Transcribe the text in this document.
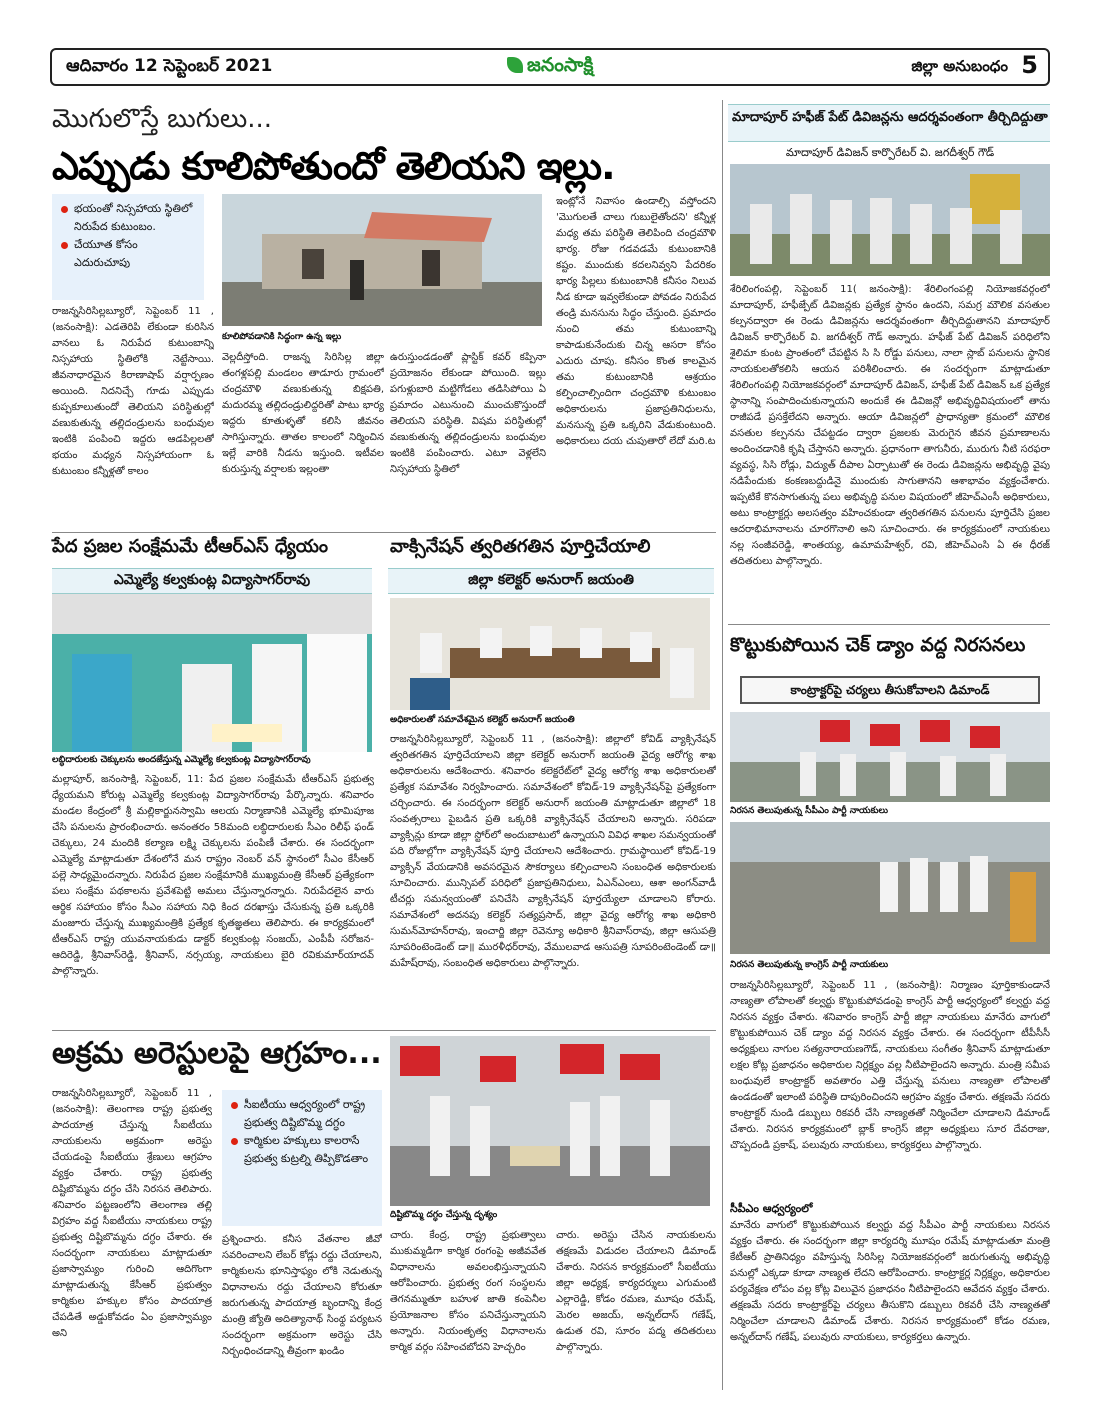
ఆదివారం 12 సెప్టెంబర్ 2021	జనంసాక్షి	జిల్లా అనుబంధం 5
మొగులొస్తే బుగులు...
ఎప్పుడు కూలిపోతుందో తెలియని ఇల్లు.
భయంతో నిస్సహాయ స్థితిలో నిరుపేద కుటుంబం.
చేయూత కోసం ఎదురుచూపు
కూలిపోవడానికి సిద్ధంగా ఉన్న ఇల్లు
రాజన్నసిరిసిల్లబ్యూరో, సెప్టెంబర్ 11 , (జనంసాక్షి): ఎడతెరిపి లేకుండా కురిసిన వానలు ఓ నిరుపేద కుటుంబాన్ని నిస్సహాయ స్థితిలోకి నెట్టేసాయి. జీవనాధారమైన కిరాణాషాప్ వర్షార్పణం అయింది. నిదనిచ్చే గూడు ఎప్పుడు కుప్పకూలుతుందో తెలియని పరిస్థితుల్లో వణుకుతున్న తల్లిదండ్రులను బంధువుల ఇంటికి పంపించి ఇద్దరు ఆడపిల్లలతో భయం మధ్యన నిస్సహాయంగా ఓ కుటుంబం కన్నీళ్లతో కాలం
వెల్లదీస్తోంది. రాజన్న సిరిసిల్ల జిల్లా తంగళ్లపల్లి మండలం తాడూరు గ్రామంలో చంద్రమౌళి వణుకుతున్న బిక్షపతి, మదురమ్మ తల్లిదండ్రులిద్దరితో పాటు భార్య ఇద్దరు కూతుళ్ళతో కలిసి జీవనం సాగిస్తున్నారు. తాతల కాలంలో నిర్మించిన ఇల్లే వారికి నీడను ఇస్తుంది. ఇటీవల కురుస్తున్న వర్షాలకు ఇల్లంతా
ఉరుస్తుండడంతో ప్లాస్టిక్ కవర్ కప్పినా ప్రయోజనం లేకుండా పోయింది. ఇల్లు పగుళ్లుబారి మట్టిగోడలు తడిసిపోయి ఏ ప్రమాదం ఎటునుంచి ముంచుకొస్తుందో తెలియని పరిస్థితి. విషమ పరిస్థితుల్లో వణుకుతున్న తల్లిదండ్రులను బంధువుల ఇంటికి పంపించారు. ఎటూ వెళ్లలేని నిస్సహాయ స్థితిలో
ఇంట్లోనే నివాసం ఉండాల్సి వస్తోందని 'మొగులతే చాలు గుబులైతోందని' కన్నీళ్ల మధ్య తమ పరిస్థితి తెలిపింది చంద్రమౌళి భార్య. రోజు గడవడమే కుటుంబానికి కష్టం. ముందుకు కదలనివ్వని పేదరికం భార్య పిల్లలు కుటుంబానికి కనీసం నిలువ నీడ కూడా ఇవ్వలేకుండా పోవడం నిరుపేద తండ్రి మనసును సిద్ధం చేస్తుంది. ప్రమాదం నుంచి తమ కుటుంబాన్ని కాపాడుకునేందుకు చిన్న ఆసరా కోసం ఎదురు చూపు. కనీసం కొంత కాలమైన తమ కుటుంబానికి ఆశ్రయం కల్పించాల్సిందిగా చంద్రమౌళి కుటుంబం అధికారులను ప్రజాప్రతినిధులను, మనసున్న ప్రతి ఒక్కరిని వేడుకుంటుంది. అధికారులు దయ చుపుతారో లేదో మరి.ట
మాదాపూర్ హఫీజ్ పేట్ డివిజన్లను ఆదర్శవంతంగా తీర్చిదిద్దుతా
మాదాపూర్ డివిజన్ కార్పొరేటర్ వి. జగదీశ్వర్ గౌడ్
శేరిలింగంపల్లి, సెప్టెంబర్ 11( జనంసాక్షి): శేరిలింగంపల్లి నియోజకవర్గంలో మాదాపూర్, హఫీజ్పేట్ డివిజన్లకు ప్రత్యేక స్థానం ఉందని, సమగ్ర మౌలిక వసతుల కల్పనద్వారా ఈ రెండు డివిజన్లను ఆదర్శవంతంగా తీర్చిదిద్దుతానని మాదాపూర్ డివిజన్ కార్పొరేటర్ వి. జగదీశ్వర్ గౌడ్ అన్నారు. హఫీజ్ పేట్ డివిజన్ పరిధిలోని శైలిమా కుంట ప్రాంతంలో చేపట్టిన సి సి రోడ్డు పనులు, నాలా స్లాబ్ పనులను స్థానిక నాయకులతోకలిసి ఆయన పరిశీలించారు. ఈ సందర్భంగా మాట్లాడుతూ శేరిలింగంపల్లి నియోజకవర్గంలో మాదాపూర్ డివిజన్, హఫీజ్ పేట్ డివిజన్ ఒక ప్రత్యేక స్థానాన్ని సంపాదించుకున్నాయని అందుకే ఈ డివిజన్లో అభివృద్ధివిషయంలో తాను రాజీపడే ప్రసక్తేలేదని అన్నారు. ఆయా డివిజన్లలో ప్రాధాన్యతా క్రమంలో మౌలిక వసతుల కల్పనను చేపట్టడం ద్వారా ప్రజలకు మెరుగైన జీవన ప్రమాణాలను అందించడానికి కృషి చేస్తానని అన్నారు. ప్రధానంగా తాగునీరు, మురుగు నీటి సరఫరా వ్యవస్థ, సిసి రోడ్లు, విద్యుత్ దీపాల ఏర్పాటుతో ఈ రెండు డివిజన్లను అభివృద్ధి వైపు నడిపేందుకు కంకణబద్దుడినై ముందుకు సాగుతానని ఆశాభావం వ్యక్తంచేశారు. ఇప్పటికే కొనసాగుతున్న పలు అభివృద్ధి పనుల విషయంలో జీహెచ్ఎంసీ అధికారులు, అటు కాంట్రాక్టర్లు అలసత్వం వహించకుండా త్వరితగతిన పనులను పూర్తిచేసి ప్రజల ఆదరాభిమానాలను చూరగొనాలి అని సూచించారు. ఈ కార్యక్రమంలో నాయకులు నల్ల సంజీవరెడ్డి, శాంతయ్య, ఉమామహేశ్వర్, రవి, జీహెచ్ఎంసి ఏ ఈ ధీరజ్ తదితరులు పాల్గొన్నారు.
పేద ప్రజల సంక్షేమమే టీఆర్ఎస్ ధ్యేయం
ఎమ్మెల్యే కల్వకుంట్ల విద్యాసాగర్‌రావు
లబ్ధిదారులకు చెక్కులను అందజేస్తున్న ఎమ్మెల్యే కల్వకుంట్ల విద్యాసాగర్‌రావు
మల్లాపూర్, జనంసాక్షి, సెప్టెంబర్, 11: పేద ప్రజల సంక్షేమమే టీఆర్ఎస్ ప్రభుత్వ ధ్యేయమని కోరుట్ల ఎమ్మెల్యే కల్వకుంట్ల విద్యాసాగర్‌రావు పేర్కొన్నారు. శనివారం మండల కేంద్రంలో శ్రీ మల్లికార్జునస్వామి ఆలయ నిర్మాణానికి ఎమ్మెల్యే భూమిపూజ చేసి పనులను ప్రారంభించారు. అనంతరం 58మంది లబ్ధిదారులకు సీఎం రిలీఫ్ ఫండ్ చెక్కులు, 24 మందికి కల్యాణ లక్ష్మి చెక్కులను పంపిణీ చేశారు. ఈ సందర్భంగా ఎమ్మెల్యే మాట్లాడుతూ దేశంలోనే మన రాష్ట్రం నెంబర్ వన్ స్థానంలో సీఎం కేసీఆర్ పల్లె సాధ్యమైందన్నారు. నిరుపేద ప్రజల సంక్షేమానికి ముఖ్యమంత్రి కేసీఆర్ ప్రత్యేకంగా పలు సంక్షేమ పథకాలను ప్రవేశపెట్టి అమలు చేస్తున్నారన్నారు. నిరుపేదలైన వారు ఆర్థిక సహాయం కోసం సీఎం సహాయ నిధి కింద దరఖాస్తు చేసుకున్న ప్రతి ఒక్కరికి మంజూరు చేస్తున్న ముఖ్యమంత్రికి ప్రత్యేక కృతజ్ఞతలు తెలిపారు. ఈ కార్యక్రమంలో టీఆర్ఎస్ రాష్ట్ర యువనాయకుడు డాక్టర్ కల్వకుంట్ల సంజయ్, ఎంపీపీ సరోజన-ఆదిరెడ్డి, శ్రీనివాస్‌రెడ్డి, శ్రీనివాస్, నర్సయ్య, నాయకులు బైరి రవికుమార్‌యాదవ్ పాల్గొన్నారు.
వాక్సినేషన్ త్వరితగతిన పూర్తిచేయాలి
జిల్లా కలెక్టర్ అనురాగ్ జయంతి
అధికారులతో సమావేశమైన కలెక్టర్ అనురాగ్ జయంతి
రాజన్నసిరిసిల్లబ్యూరో, సెప్టెంబర్ 11 , (జనంసాక్షి): జిల్లాలో కోవిడ్ వ్యాక్సినేషన్ త్వరితగతిన పూర్తిచేయాలని జిల్లా కలెక్టర్ అనురాగ్ జయంతి వైద్య ఆరోగ్య శాఖ అధికారులను ఆదేశించారు. శనివారం కలెక్టరేట్‌లో వైద్య ఆరోగ్య శాఖ అధికారులతో ప్రత్యేక సమావేశం నిర్వహించారు. సమావేశంలో కోవిడ్-19 వ్యాక్సినేషన్‌పై ప్రత్యేకంగా చర్చించారు. ఈ సందర్భంగా కలెక్టర్ అనురాగ్ జయంతి మాట్లాడుతూ జిల్లాలో 18 సంవత్సరాలు పైబడిన ప్రతి ఒక్కరికి వ్యాక్సినేషన్ చేయాలని అన్నారు. సరిపడా వ్యాక్సిన్లు కూడా జిల్లా స్టోర్‌లో అందుబాటులో ఉన్నాయని వివిధ శాఖల సమన్వయంతో పది రోజుల్లోగా వ్యాక్సినేషన్ పూర్తి చేయాలని ఆదేశించారు. గ్రామస్థాయిలో కోవిడ్-19 వ్యాక్సిన్ వేయడానికి అవసరమైన సౌకర్యాలు కల్పించాలని సంబంధిత అధికారులకు సూచించారు. మున్సిపల్ పరిధిలో ప్రజాప్రతినిధులు, ఏఎన్ఎంలు, ఆశా అంగన్‌వాడీ టీచర్లు సమన్వయంతో పనిచేసి వ్యాక్సినేషన్ పూర్తయ్యేలా చూడాలని కోరారు. సమావేశంలో అదనపు కలెక్టర్ సత్యప్రసాద్, జిల్లా వైద్య ఆరోగ్య శాఖ అధికారి సుమన్‌మోహన్‌రావు, ఇంచార్జి జిల్లా రెవెన్యూ అధికారి శ్రీనివాస్‌రావు, జిల్లా ఆసుపత్రి సూపరింటెండెంట్ డా॥ మురళీధర్‌రావు, వేములవాడ ఆసుపత్రి సూపరింటెండెంట్ డా॥ మహేష్‌రావు, సంబంధిత అధికారులు పాల్గొన్నారు.
కొట్టుకుపోయిన చెక్ డ్యాం వద్ద నిరసనలు
కాంట్రాక్టర్‌పై చర్యలు తీసుకోవాలని డిమాండ్
నిరసన తెలుపుతున్న సీపీఎం పార్టీ నాయకులు
నిరసన తెలుపుతున్న కాంగ్రెస్ పార్టీ నాయకులు
రాజన్నసిరిసిల్లబ్యూరో, సెప్టెంబర్ 11 , (జనంసాక్షి): నిర్మాణం పూర్తికాకుండానే నాణ్యతా లోపాలతో కల్వర్టు కొట్టుకుపోవడంపై కాంగ్రెస్ పార్టీ ఆధ్వర్యంలో కల్వర్టు వద్ద నిరసన వ్యక్తం చేశారు. శనివారం కాంగ్రెస్ పార్టీ జిల్లా నాయకులు మానేరు వాగులో కొట్టుకుపోయిన చెక్ డ్యాం వద్ద నిరసన వ్యక్తం చేశారు. ఈ సందర్భంగా టీపీసీసీ అధ్యక్షులు నాగుల సత్యనారాయణగౌడ్, నాయకులు సంగీతం శ్రీనివాస్ మాట్లాడుతూ లక్షల కోట్ల ప్రజాధనం అధికారుల నిర్లక్ష్యం వల్ల నీటిపాలైందని అన్నారు. మంత్రి సమీప బంధువులే కాంట్రాక్టర్ అవతారం ఎత్తి చేస్తున్న పనులు నాణ్యతా లోపాలతో ఉండడంతో ఇలాంటి పరిస్థితి దాపురించిందని ఆగ్రహం వ్యక్తం చేశారు. తక్షణమే సదరు కాంట్రాక్టర్ నుండి డబ్బులు రికవరీ చేసి నాణ్యతతో నిర్మించేలా చూడాలని డిమాండ్ చేశారు. నిరసన కార్యక్రమంలో బ్లాక్ కాంగ్రెస్ జిల్లా అధ్యక్షులు సూర దేవరాజు, చొప్పదండి ప్రకాష్, పలువురు నాయకులు, కార్యకర్తలు పాల్గొన్నారు.
సీపీఎం ఆధ్వర్యంలో
మానేరు వాగులో కొట్టుకుపోయిన కల్వర్టు వద్ద సీపీఎం పార్టీ నాయకులు నిరసన వ్యక్తం చేశారు. ఈ సందర్భంగా జిల్లా కార్యదర్శి మూషం రమేష్ మాట్లాడుతూ మంత్రి కేటీఆర్ ప్రాతినిధ్యం వహిస్తున్న సిరిసిల్ల నియోజకవర్గంలో జరుగుతున్న అభివృద్ధి పనుల్లో ఎక్కడా కూడా నాణ్యత లేదని ఆరోపించారు. కాంట్రాక్టర్ల నిర్లక్ష్యం, అధికారుల పర్యవేక్షణ లోపం వల్ల కోట్ల విలువైన ప్రజాధనం నీటిపాలైందని ఆవేదన వ్యక్తం చేశారు. తక్షణమే సదరు కాంట్రాక్టర్‌పై చర్యలు తీసుకొని డబ్బులు రికవరీ చేసి నాణ్యతతో నిర్మించేలా చూడాలని డిమాండ్ చేశారు. నిరసన కార్యక్రమంలో కోడం రమణ, అన్నల్‌దాస్ గణేష్, పలువురు నాయకులు, కార్యకర్తలు ఉన్నారు.
అక్రమ అరెస్టులపై ఆగ్రహం...
సీఐటీయు ఆధ్వర్యంలో రాష్ట్ర ప్రభుత్వ దిష్టిబొమ్మ దగ్ధం
కార్మికుల హక్కులు కాలరాసే ప్రభుత్వ కుట్రల్ని తిప్పికొడతాం
దిష్టిబొమ్మ దగ్ధం చేస్తున్న దృశ్యం
రాజన్నసిరిసిల్లబ్యూరో, సెప్టెంబర్ 11 , (జనంసాక్షి): తెలంగాణ రాష్ట్ర ప్రభుత్వ పాదయాత్ర చేస్తున్న సీఐటీయు నాయకులను అక్రమంగా అరెస్టు చేయడంపై సీఐటీయు శ్రేణులు ఆగ్రహం వ్యక్తం చేశారు. రాష్ట్ర ప్రభుత్వ దిష్టిబొమ్మను దగ్ధం చేసి నిరసన తెలిపారు. శనివారం పట్టణంలోని తెలంగాణ తల్లి విగ్రహం వద్ద సీఐటీయు నాయకులు రాష్ట్ర ప్రభుత్వ దిష్టిబొమ్మను దగ్ధం చేశారు. ఈ సందర్భంగా నాయకులు మాట్లాడుతూ ప్రజాస్వామ్యం గురించి ఆదిగొంగా మాట్లాడుతున్న కేసీఆర్ ప్రభుత్వం కార్మికుల హక్కుల కోసం పాదయాత్ర చేపడితే అడ్డుకోవడం ఏం ప్రజాస్వామ్యం అని
ప్రశ్నించారు. కనీస వేతనాల జీవో సవరించాలని లేబర్ కోడ్లు రద్దు చేయాలని, కార్మికులను భూనిస్తాఫ్యం లోకి నెడుతున్న విధానాలను రద్దు చేయాలని కోరుతూ జరుగుతున్న పాదయాత్ర బృందాన్ని కేంద్ర మంత్రి జ్యోతి అదిత్యానాథ్ సింథ్ద పర్యటన సందర్భంగా అక్రమంగా అరెస్టు చేసి నిర్బంధించడాన్ని తీవ్రంగా ఖండిం
చారు. కేంద్ర, రాష్ట్ర ప్రభుత్వాలు ముకుమ్మడిగా కార్మిక రంగంపై అజీవవేత విధానాలను అవలంభిస్తున్నాయని ఆరోపించారు. ప్రభుత్వ రంగ సంస్థలను తెగనమ్ముతూ బహుళ జాతి కంపెనీల ప్రయోజనాల కోసం పనిచేస్తున్నాయని అన్నారు. నియంతృత్వ విధానాలను కార్మిక వర్గం సహించబోదని హెచ్చరిం
చారు. అరెస్టు చేసిన నాయకులను తక్షణమే విడుదల చేయాలని డిమాండ్ చేశారు. నిరసన కార్యక్రమంలో సీఐటీయు జిల్లా అధ్యక్ష, కార్యదర్శులు ఎగుమంటి ఎల్లారెడ్డి, కోడం రమణ, మూషం రమేష్, మెరల అజయ్, అన్నల్‌దాస్ గణేష్, ఉడుత రవి, సూరం పద్మ తదితరులు పాల్గొన్నారు.
